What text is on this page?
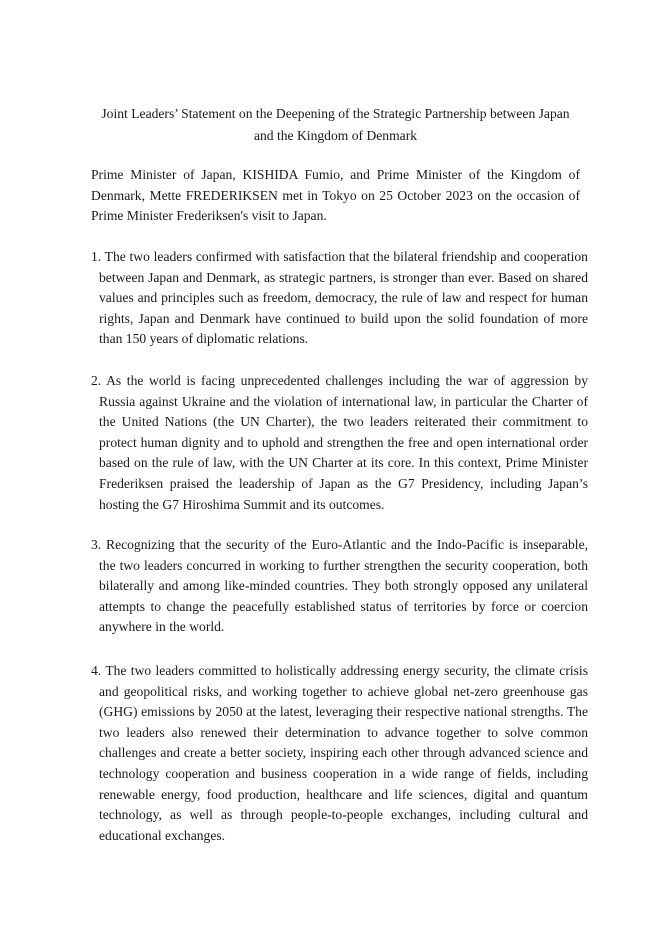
Joint Leaders’ Statement on the Deepening of the Strategic Partnership between Japan
and the Kingdom of Denmark
Prime Minister of Japan, KISHIDA Fumio, and Prime Minister of the Kingdom of Denmark, Mette FREDERIKSEN met in Tokyo on 25 October 2023 on the occasion of Prime Minister Frederiksen's visit to Japan.
1. The two leaders confirmed with satisfaction that the bilateral friendship and cooperation between Japan and Denmark, as strategic partners, is stronger than ever. Based on shared values and principles such as freedom, democracy, the rule of law and respect for human rights, Japan and Denmark have continued to build upon the solid foundation of more than 150 years of diplomatic relations.
2. As the world is facing unprecedented challenges including the war of aggression by Russia against Ukraine and the violation of international law, in particular the Charter of the United Nations (the UN Charter), the two leaders reiterated their commitment to protect human dignity and to uphold and strengthen the free and open international order based on the rule of law, with the UN Charter at its core. In this context, Prime Minister Frederiksen praised the leadership of Japan as the G7 Presidency, including Japan’s hosting the G7 Hiroshima Summit and its outcomes.
3. Recognizing that the security of the Euro-Atlantic and the Indo-Pacific is inseparable, the two leaders concurred in working to further strengthen the security cooperation, both bilaterally and among like-minded countries. They both strongly opposed any unilateral attempts to change the peacefully established status of territories by force or coercion anywhere in the world.
4. The two leaders committed to holistically addressing energy security, the climate crisis and geopolitical risks, and working together to achieve global net-zero greenhouse gas (GHG) emissions by 2050 at the latest, leveraging their respective national strengths. The two leaders also renewed their determination to advance together to solve common challenges and create a better society, inspiring each other through advanced science and technology cooperation and business cooperation in a wide range of fields, including renewable energy, food production, healthcare and life sciences, digital and quantum technology, as well as through people-to-people exchanges, including cultural and educational exchanges.
